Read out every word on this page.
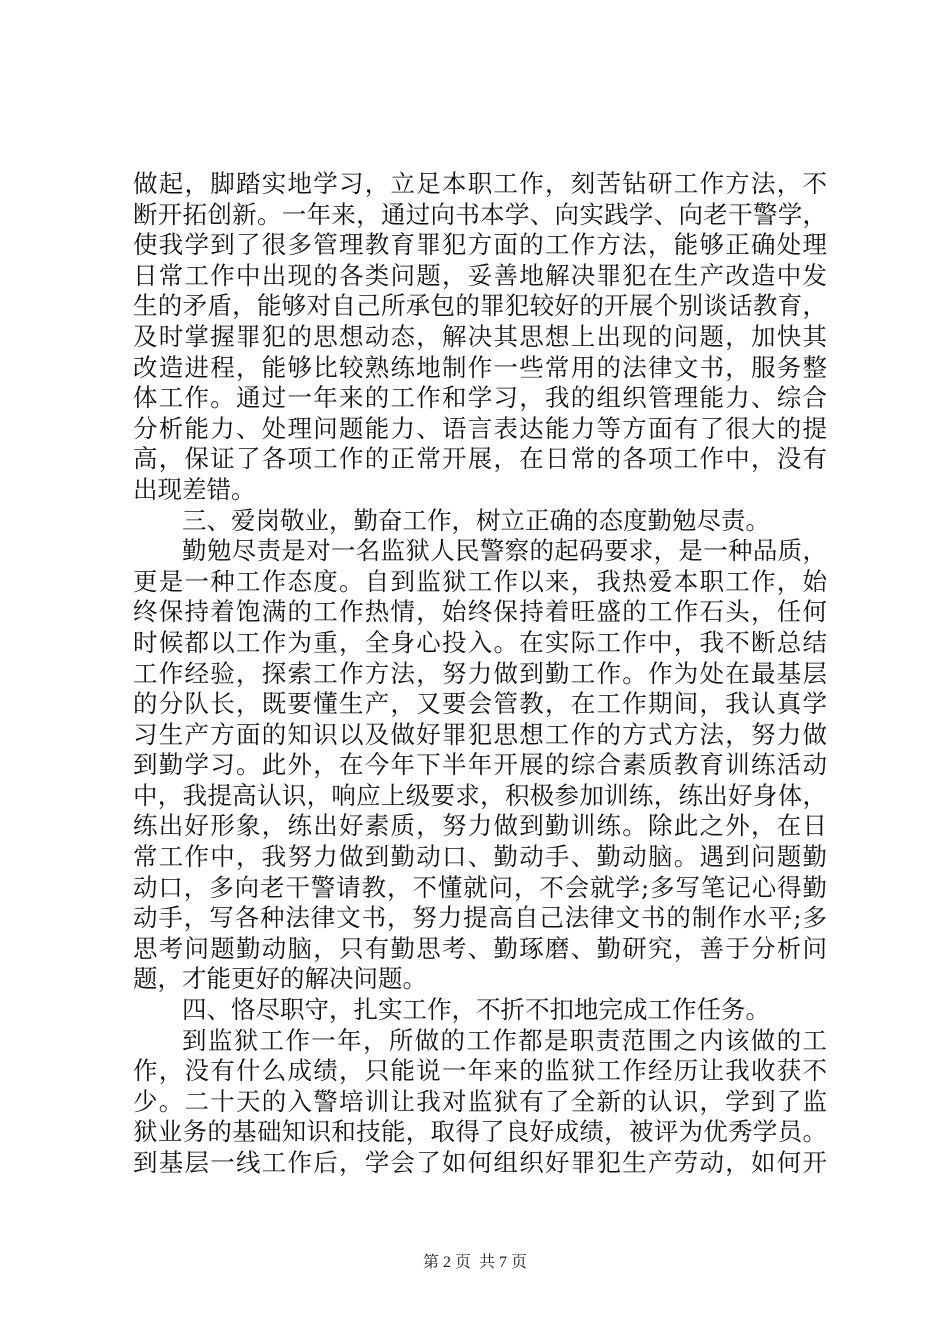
做起，脚踏实地学习，立足本职工作，刻苦钻研工作方法，不
断开拓创新。一年来，通过向书本学、向实践学、向老干警学，
使我学到了很多管理教育罪犯方面的工作方法，能够正确处理
日常工作中出现的各类问题，妥善地解决罪犯在生产改造中发
生的矛盾，能够对自己所承包的罪犯较好的开展个别谈话教育，
及时掌握罪犯的思想动态，解决其思想上出现的问题，加快其
改造进程，能够比较熟练地制作一些常用的法律文书，服务整
体工作。通过一年来的工作和学习，我的组织管理能力、综合
分析能力、处理问题能力、语言表达能力等方面有了很大的提
高，保证了各项工作的正常开展，在日常的各项工作中，没有
出现差错。
三、爱岗敬业，勤奋工作，树立正确的态度勤勉尽责。
勤勉尽责是对一名监狱人民警察的起码要求，是一种品质，
更是一种工作态度。自到监狱工作以来，我热爱本职工作，始
终保持着饱满的工作热情，始终保持着旺盛的工作石头，任何
时候都以工作为重，全身心投入。在实际工作中，我不断总结
工作经验，探索工作方法，努力做到勤工作。作为处在最基层
的分队长，既要懂生产，又要会管教，在工作期间，我认真学
习生产方面的知识以及做好罪犯思想工作的方式方法，努力做
到勤学习。此外，在今年下半年开展的综合素质教育训练活动
中，我提高认识，响应上级要求，积极参加训练，练出好身体，
练出好形象，练出好素质，努力做到勤训练。除此之外，在日
常工作中，我努力做到勤动口、勤动手、勤动脑。遇到问题勤
动口，多向老干警请教，不懂就问，不会就学;多写笔记心得勤
动手，写各种法律文书，努力提高自己法律文书的制作水平;多
思考问题勤动脑，只有勤思考、勤琢磨、勤研究，善于分析问
题，才能更好的解决问题。
四、恪尽职守，扎实工作，不折不扣地完成工作任务。
到监狱工作一年，所做的工作都是职责范围之内该做的工
作，没有什么成绩，只能说一年来的监狱工作经历让我收获不
少。二十天的入警培训让我对监狱有了全新的认识，学到了监
狱业务的基础知识和技能，取得了良好成绩，被评为优秀学员。
到基层一线工作后，学会了如何组织好罪犯生产劳动，如何开
第 2 页  共 7 页
